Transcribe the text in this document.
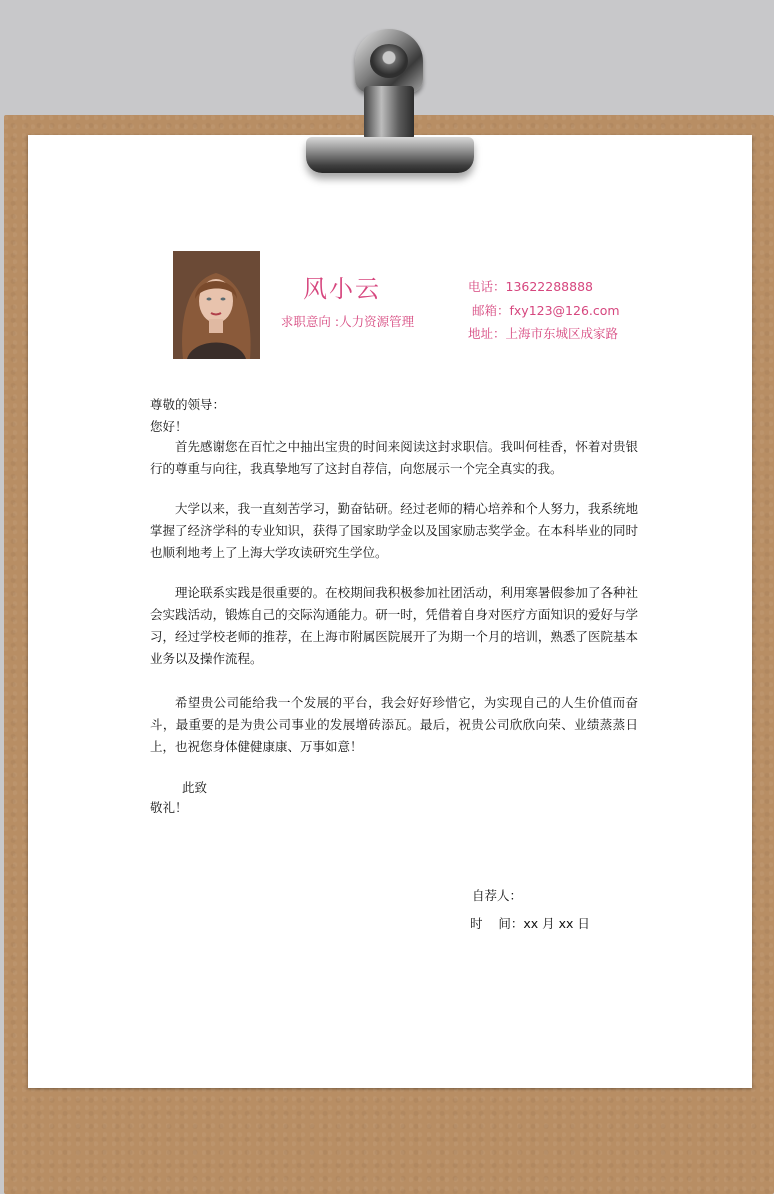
风小云
求职意向 :人力资源管理
电话：13622288888
邮箱：fxy123@126.com
地址：上海市东城区成家路
尊敬的领导：
您好！

首先感谢您在百忙之中抽出宝贵的时间来阅读这封求职信。我叫何桂香，怀着对贵银行的尊重与向往，我真挚地写了这封自荐信，向您展示一个完全真实的我。

大学以来，我一直刻苦学习，勤奋钻研。经过老师的精心培养和个人努力，我系统地掌握了经济学科的专业知识，获得了国家助学金以及国家励志奖学金。在本科毕业的同时也顺利地考上了上海大学攻读研究生学位。

理论联系实践是很重要的。在校期间我积极参加社团活动，利用寒暑假参加了各种社会实践活动，锻炼自己的交际沟通能力。研一时，凭借着自身对医疗方面知识的爱好与学习，经过学校老师的推荐，在上海市附属医院展开了为期一个月的培训，熟悉了医院基本业务以及操作流程。

希望贵公司能给我一个发展的平台，我会好好珍惜它，为实现自己的人生价值而奋斗，最重要的是为贵公司事业的发展增砖添瓦。最后，祝贵公司欣欣向荣、业绩蒸蒸日上，也祝您身体健健康康、万事如意！

此致
敬礼！
自荐人：
时    间：xx 月 xx 日
